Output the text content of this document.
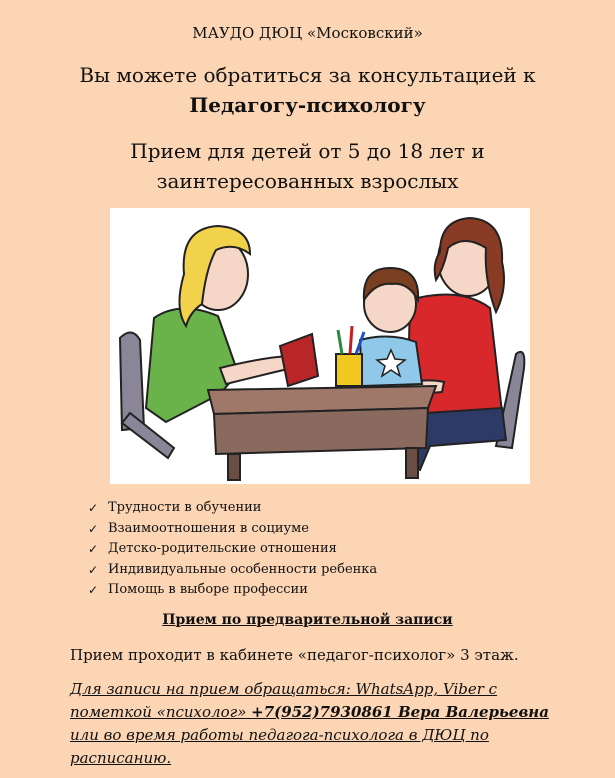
МАУДО ДЮЦ «Московский»
Вы можете обратиться за консультацией к
Педагогу-психологу
Прием для детей от 5 до 18 лет и
заинтересованных взрослых
✓ Трудности в обучении
✓ Взаимоотношения в социуме
✓ Детско-родительские отношения
✓ Индивидуальные особенности ребенка
✓ Помощь в выборе профессии
Прием по предварительной записи
Прием проходит в кабинете «педагог-психолог» 3 этаж.
Для записи на прием обращаться: WhatsApp, Viber с пометкой «психолог» +7(952)7930861 Вера Валерьевна или во время работы педагога-психолога в ДЮЦ по расписанию.
